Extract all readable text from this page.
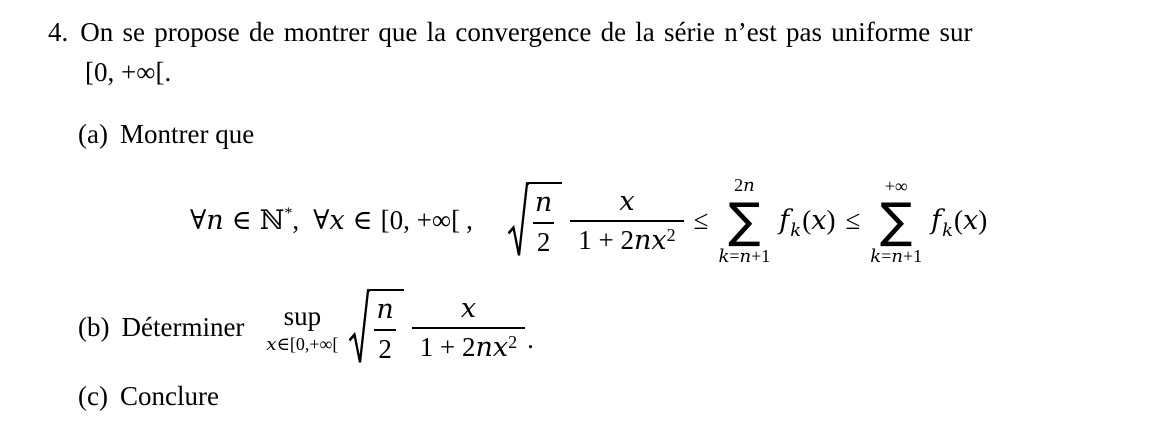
4. On se propose de montrer que la convergence de la série n’est pas uniforme sur
[0, +∞[.
(a) Montrer que
∀n ∈ ℕ*, ∀x ∈ [0, +∞[ , $\frac{n}{2} \frac{x}{1 + 2nx2}$ ≤
2n
∑
k=n+1
fk(x) ≤
+∞
∑
k=n+1
fk(x)
(b) Déterminer sup
x∈[0,+∞[ $\frac{n}{2} \frac{x}{1 + 2nx2}$ .
(c) Conclure
